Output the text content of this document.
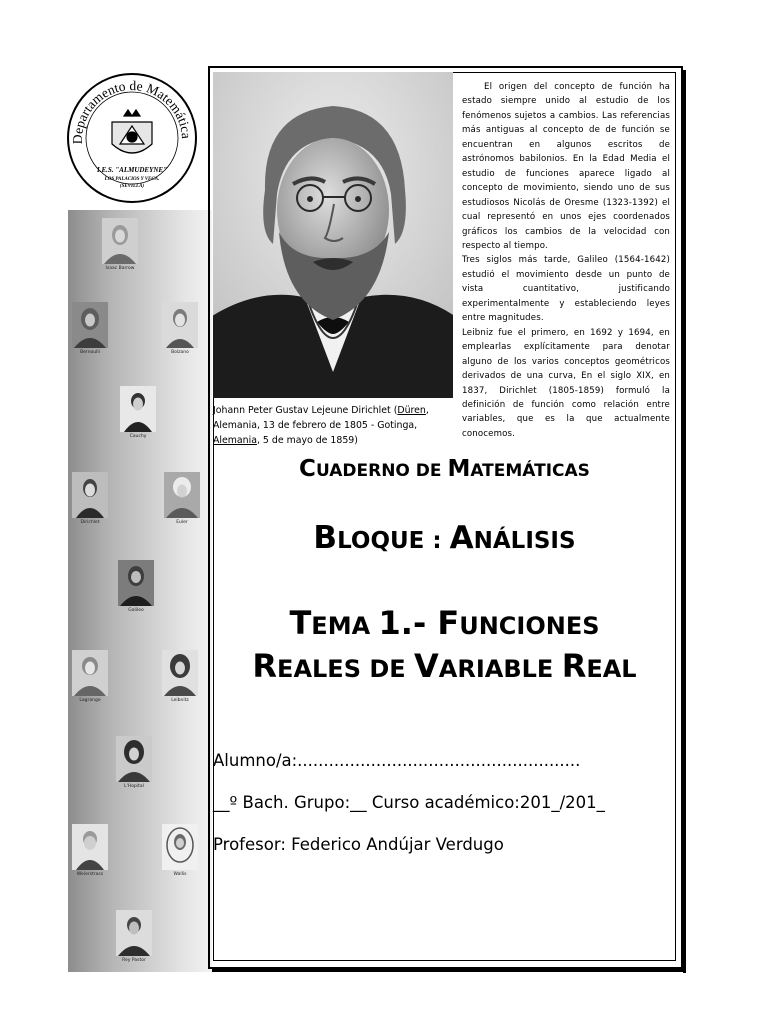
Departamento de Matemática
I.E.S. "ALMUDEYNE"
LOS PALACIOS Y VFCA.
(SEVILLA)
Isaac Barrow
Bernoulli	Bolzano
Cauchy
Dirichlet	Euler
Galileo
Lagrange	Leibnitz
L'Hopital
Weierstrass	Wallis
Rey Pastor
Johann Peter Gustav Lejeune Dirichlet (Düren, Alemania, 13 de febrero de 1805 - Gotinga, Alemania, 5 de mayo de 1859)

El origen del concepto de función ha estado siempre unido al estudio de los fenómenos sujetos a cambios. Las referencias más antiguas al concepto de de función se encuentran en algunos escritos de astrónomos babilonios. En la Edad Media el estudio de funciones aparece ligado al concepto de movimiento, siendo uno de sus estudiosos Nicolás de Oresme (1323-1392) el cual representó en unos ejes coordenados gráficos los cambios de la velocidad con respecto al tiempo.

Tres siglos más tarde, Galileo (1564-1642) estudió el movimiento desde un punto de vista cuantitativo, justificando experimentalmente y estableciendo leyes entre magnitudes.

Leibniz fue el primero, en 1692 y 1694, en emplearlas explícitamente para denotar alguno de los varios conceptos geométricos derivados de una curva, En el siglo XIX, en 1837, Dirichlet (1805-1859) formuló la definición de función como relación entre variables, que es la que actualmente conocemos.

CUADERNO DE MATEMÁTICAS
BLOQUE : ANÁLISIS
TEMA 1.- FUNCIONES
REALES DE VARIABLE REAL
Alumno/a:......................................................
__º Bach. Grupo:__ Curso académico:201_/201_
Profesor: Federico Andújar Verdugo
